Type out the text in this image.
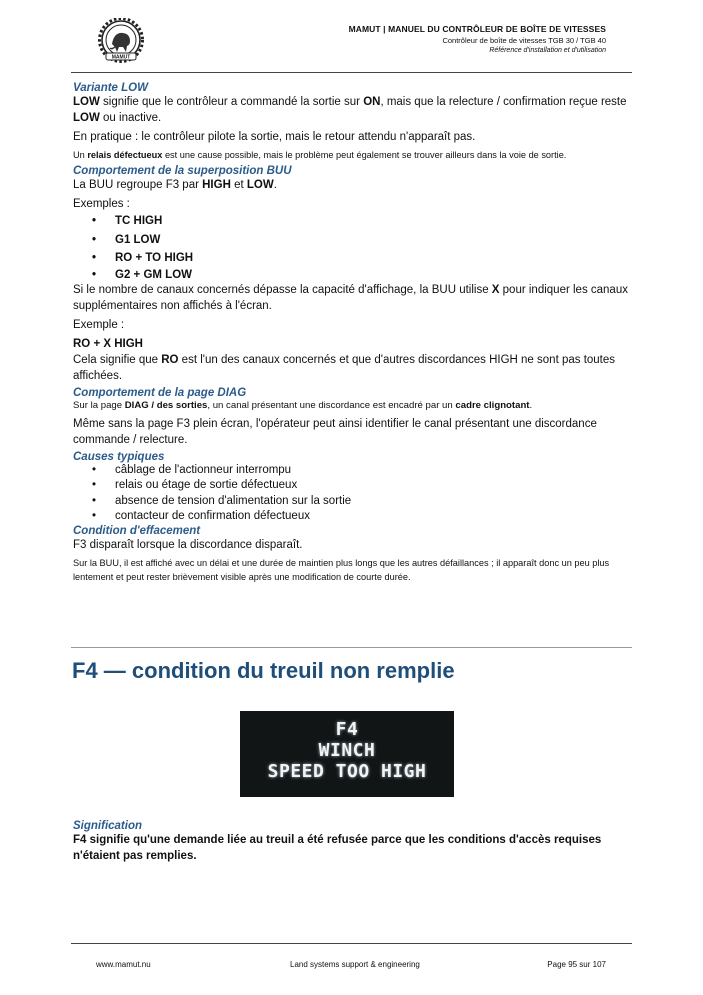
MAMUT
MAMUT | MANUEL DU CONTRÔLEUR DE BOÎTE DE VITESSES
Contrôleur de boîte de vitesses TGB 30 / TGB 40
Référence d'installation et d'utilisation
Variante LOW

LOW signifie que le contrôleur a commandé la sortie sur ON, mais que la relecture / confirmation reçue reste LOW ou inactive.

En pratique : le contrôleur pilote la sortie, mais le retour attendu n'apparaît pas.

Un relais défectueux est une cause possible, mais le problème peut également se trouver ailleurs dans la voie de sortie.

Comportement de la superposition BUU

La BUU regroupe F3 par HIGH et LOW.

Exemples :

• TC HIGH
• G1 LOW
• RO + TO HIGH
• G2 + GM LOW

Si le nombre de canaux concernés dépasse la capacité d'affichage, la BUU utilise X pour indiquer les canaux supplémentaires non affichés à l'écran.

Exemple :

RO + X HIGH

Cela signifie que RO est l'un des canaux concernés et que d'autres discordances HIGH ne sont pas toutes affichées.

Comportement de la page DIAG

Sur la page DIAG / des sorties, un canal présentant une discordance est encadré par un cadre clignotant.

Même sans la page F3 plein écran, l'opérateur peut ainsi identifier le canal présentant une discordance commande / relecture.

Causes typiques
• câblage de l'actionneur interrompu
• relais ou étage de sortie défectueux
• absence de tension d'alimentation sur la sortie
• contacteur de confirmation défectueux
Condition d'effacement

F3 disparaît lorsque la discordance disparaît.

Sur la BUU, il est affiché avec un délai et une durée de maintien plus longs que les autres défaillances ; il apparaît donc un peu plus lentement et peut rester brièvement visible après une modification de courte durée.

F4 — condition du treuil non remplie
F4
WINCH
SPEED TOO HIGH
Signification

F4 signifie qu'une demande liée au treuil a été refusée parce que les conditions d'accès requises n'étaient pas remplies.

www.mamut.nu	Land systems support & engineering	Page 95 sur 107
